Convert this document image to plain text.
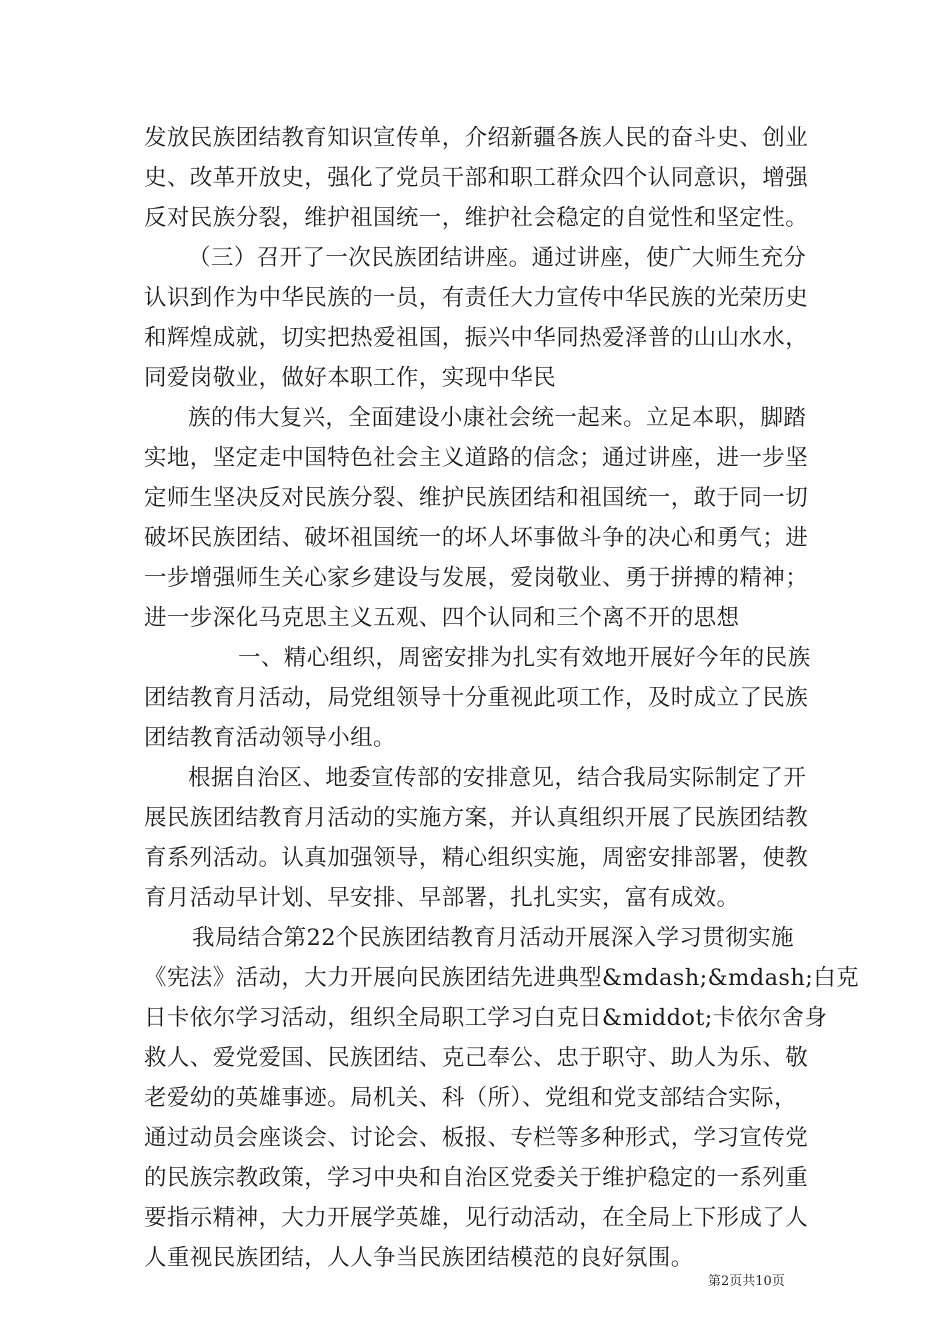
发放民族团结教育知识宣传单，介绍新疆各族人民的奋斗史、创业
史、改革开放史，强化了党员干部和职工群众四个认同意识，增强
反对民族分裂，维护祖国统一，维护社会稳定的自觉性和坚定性。
（三）召开了一次民族团结讲座。通过讲座，使广大师生充分
认识到作为中华民族的一员，有责任大力宣传中华民族的光荣历史
和辉煌成就，切实把热爱祖国，振兴中华同热爱泽普的山山水水，
同爱岗敬业，做好本职工作，实现中华民
族的伟大复兴，全面建设小康社会统一起来。立足本职，脚踏
实地，坚定走中国特色社会主义道路的信念；通过讲座，进一步坚
定师生坚决反对民族分裂、维护民族团结和祖国统一，敢于同一切
破坏民族团结、破坏祖国统一的坏人坏事做斗争的决心和勇气；进
一步增强师生关心家乡建设与发展，爱岗敬业、勇于拼搏的精神；
进一步深化马克思主义五观、四个认同和三个离不开的思想
一、精心组织，周密安排为扎实有效地开展好今年的民族
团结教育月活动，局党组领导十分重视此项工作，及时成立了民族
团结教育活动领导小组。
根据自治区、地委宣传部的安排意见，结合我局实际制定了开
展民族团结教育月活动的实施方案，并认真组织开展了民族团结教
育系列活动。认真加强领导，精心组织实施，周密安排部署，使教
育月活动早计划、早安排、早部署，扎扎实实，富有成效。
我局结合第22个民族团结教育月活动开展深入学习贯彻实施
《宪法》活动，大力开展向民族团结先进典型&mdash;&mdash;白克
日卡依尔学习活动，组织全局职工学习白克日&middot;卡依尔舍身
救人、爱党爱国、民族团结、克己奉公、忠于职守、助人为乐、敬
老爱幼的英雄事迹。局机关、科（所）、党组和党支部结合实际，
通过动员会座谈会、讨论会、板报、专栏等多种形式，学习宣传党
的民族宗教政策，学习中央和自治区党委关于维护稳定的一系列重
要指示精神，大力开展学英雄，见行动活动，在全局上下形成了人
人重视民族团结，人人争当民族团结模范的良好氛围。
第2页共10页
